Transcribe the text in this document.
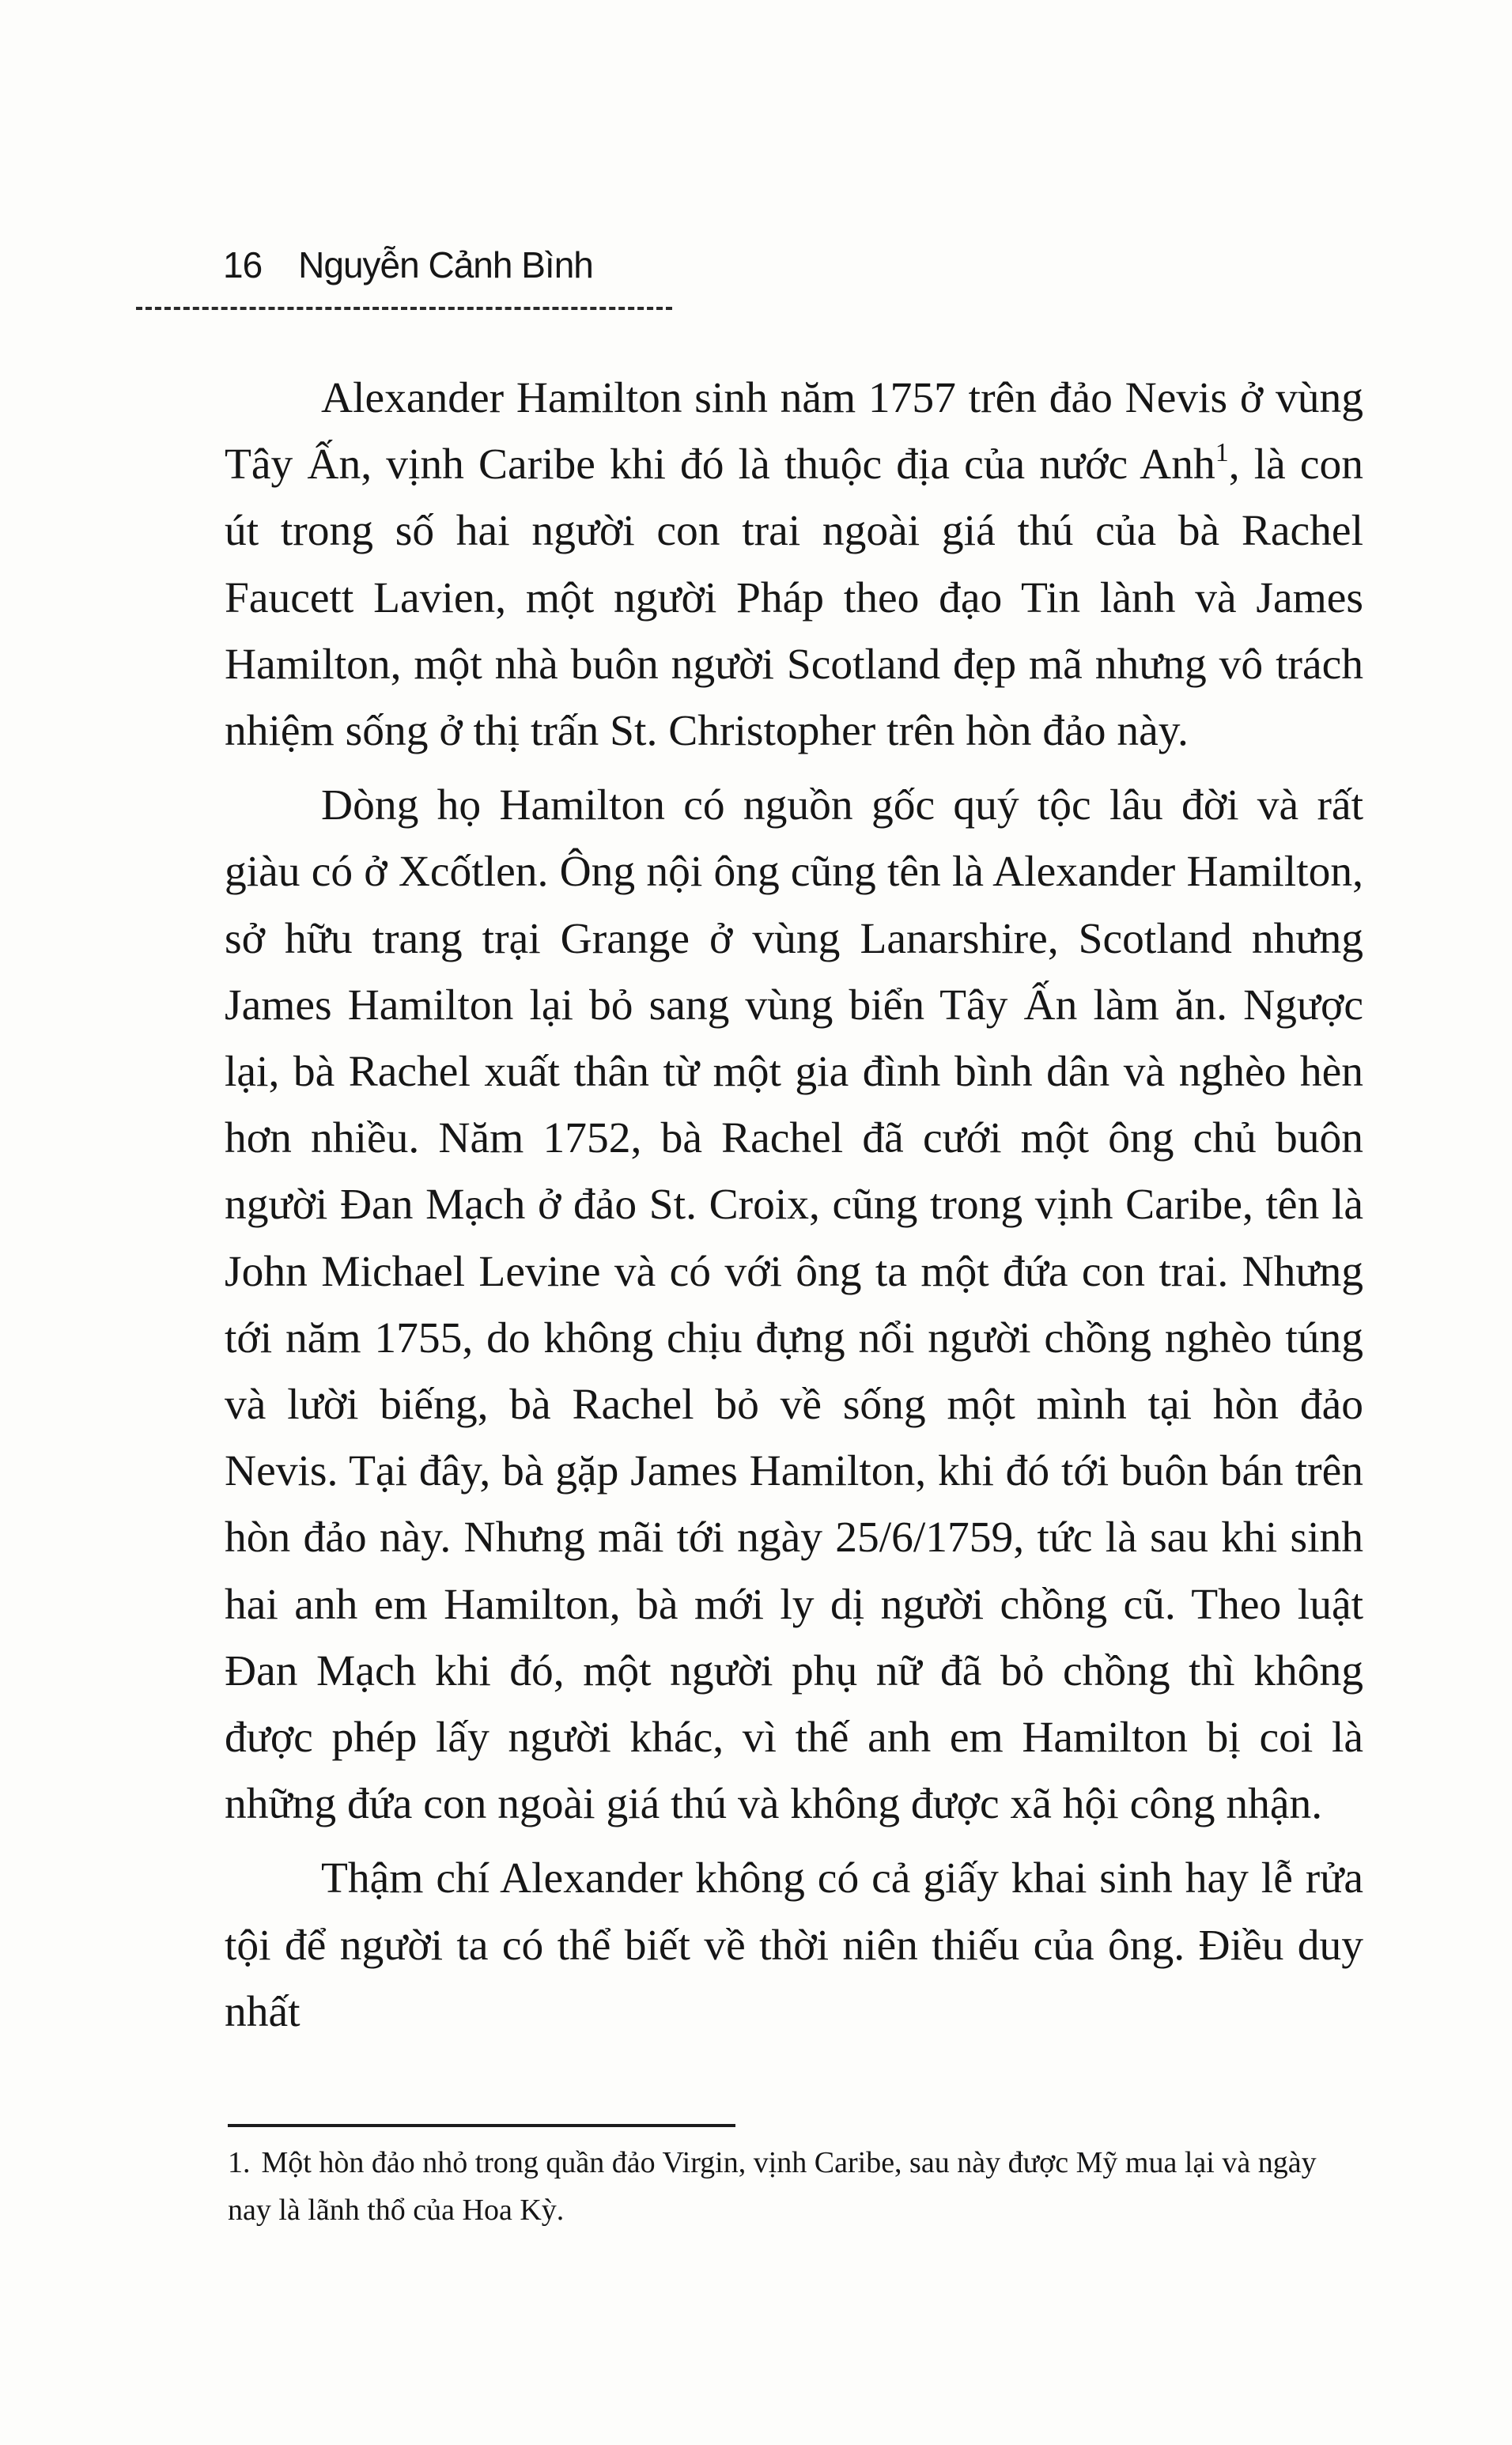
16 Nguyễn Cảnh Bình

Alexander Hamilton sinh năm 1757 trên đảo Nevis ở vùng Tây Ấn, vịnh Caribe khi đó là thuộc địa của nước Anh$^1$, là con út trong số hai người con trai ngoài giá thú của bà Rachel Faucett Lavien, một người Pháp theo đạo Tin lành và James Hamilton, một nhà buôn người Scotland đẹp mã nhưng vô trách nhiệm sống ở thị trấn St. Christopher trên hòn đảo này.

Dòng họ Hamilton có nguồn gốc quý tộc lâu đời và rất giàu có ở Xcốtlen. Ông nội ông cũng tên là Alexander Hamilton, sở hữu trang trại Grange ở vùng Lanarshire, Scotland nhưng James Hamilton lại bỏ sang vùng biển Tây Ấn làm ăn. Ngược lại, bà Rachel xuất thân từ một gia đình bình dân và nghèo hèn hơn nhiều. Năm 1752, bà Rachel đã cưới một ông chủ buôn người Đan Mạch ở đảo St. Croix, cũng trong vịnh Caribe, tên là John Michael Levine và có với ông ta một đứa con trai. Nhưng tới năm 1755, do không chịu đựng nổi người chồng nghèo túng và lười biếng, bà Rachel bỏ về sống một mình tại hòn đảo Nevis. Tại đây, bà gặp James Hamilton, khi đó tới buôn bán trên hòn đảo này. Nhưng mãi tới ngày 25/6/1759, tức là sau khi sinh hai anh em Hamilton, bà mới ly dị người chồng cũ. Theo luật Đan Mạch khi đó, một người phụ nữ đã bỏ chồng thì không được phép lấy người khác, vì thế anh em Hamilton bị coi là những đứa con ngoài giá thú và không được xã hội công nhận.

Thậm chí Alexander không có cả giấy khai sinh hay lễ rửa tội để người ta có thể biết về thời niên thiếu của ông. Điều duy nhất

1. Một hòn đảo nhỏ trong quần đảo Virgin, vịnh Caribe, sau này được Mỹ mua lại và ngày nay là lãnh thổ của Hoa Kỳ.
